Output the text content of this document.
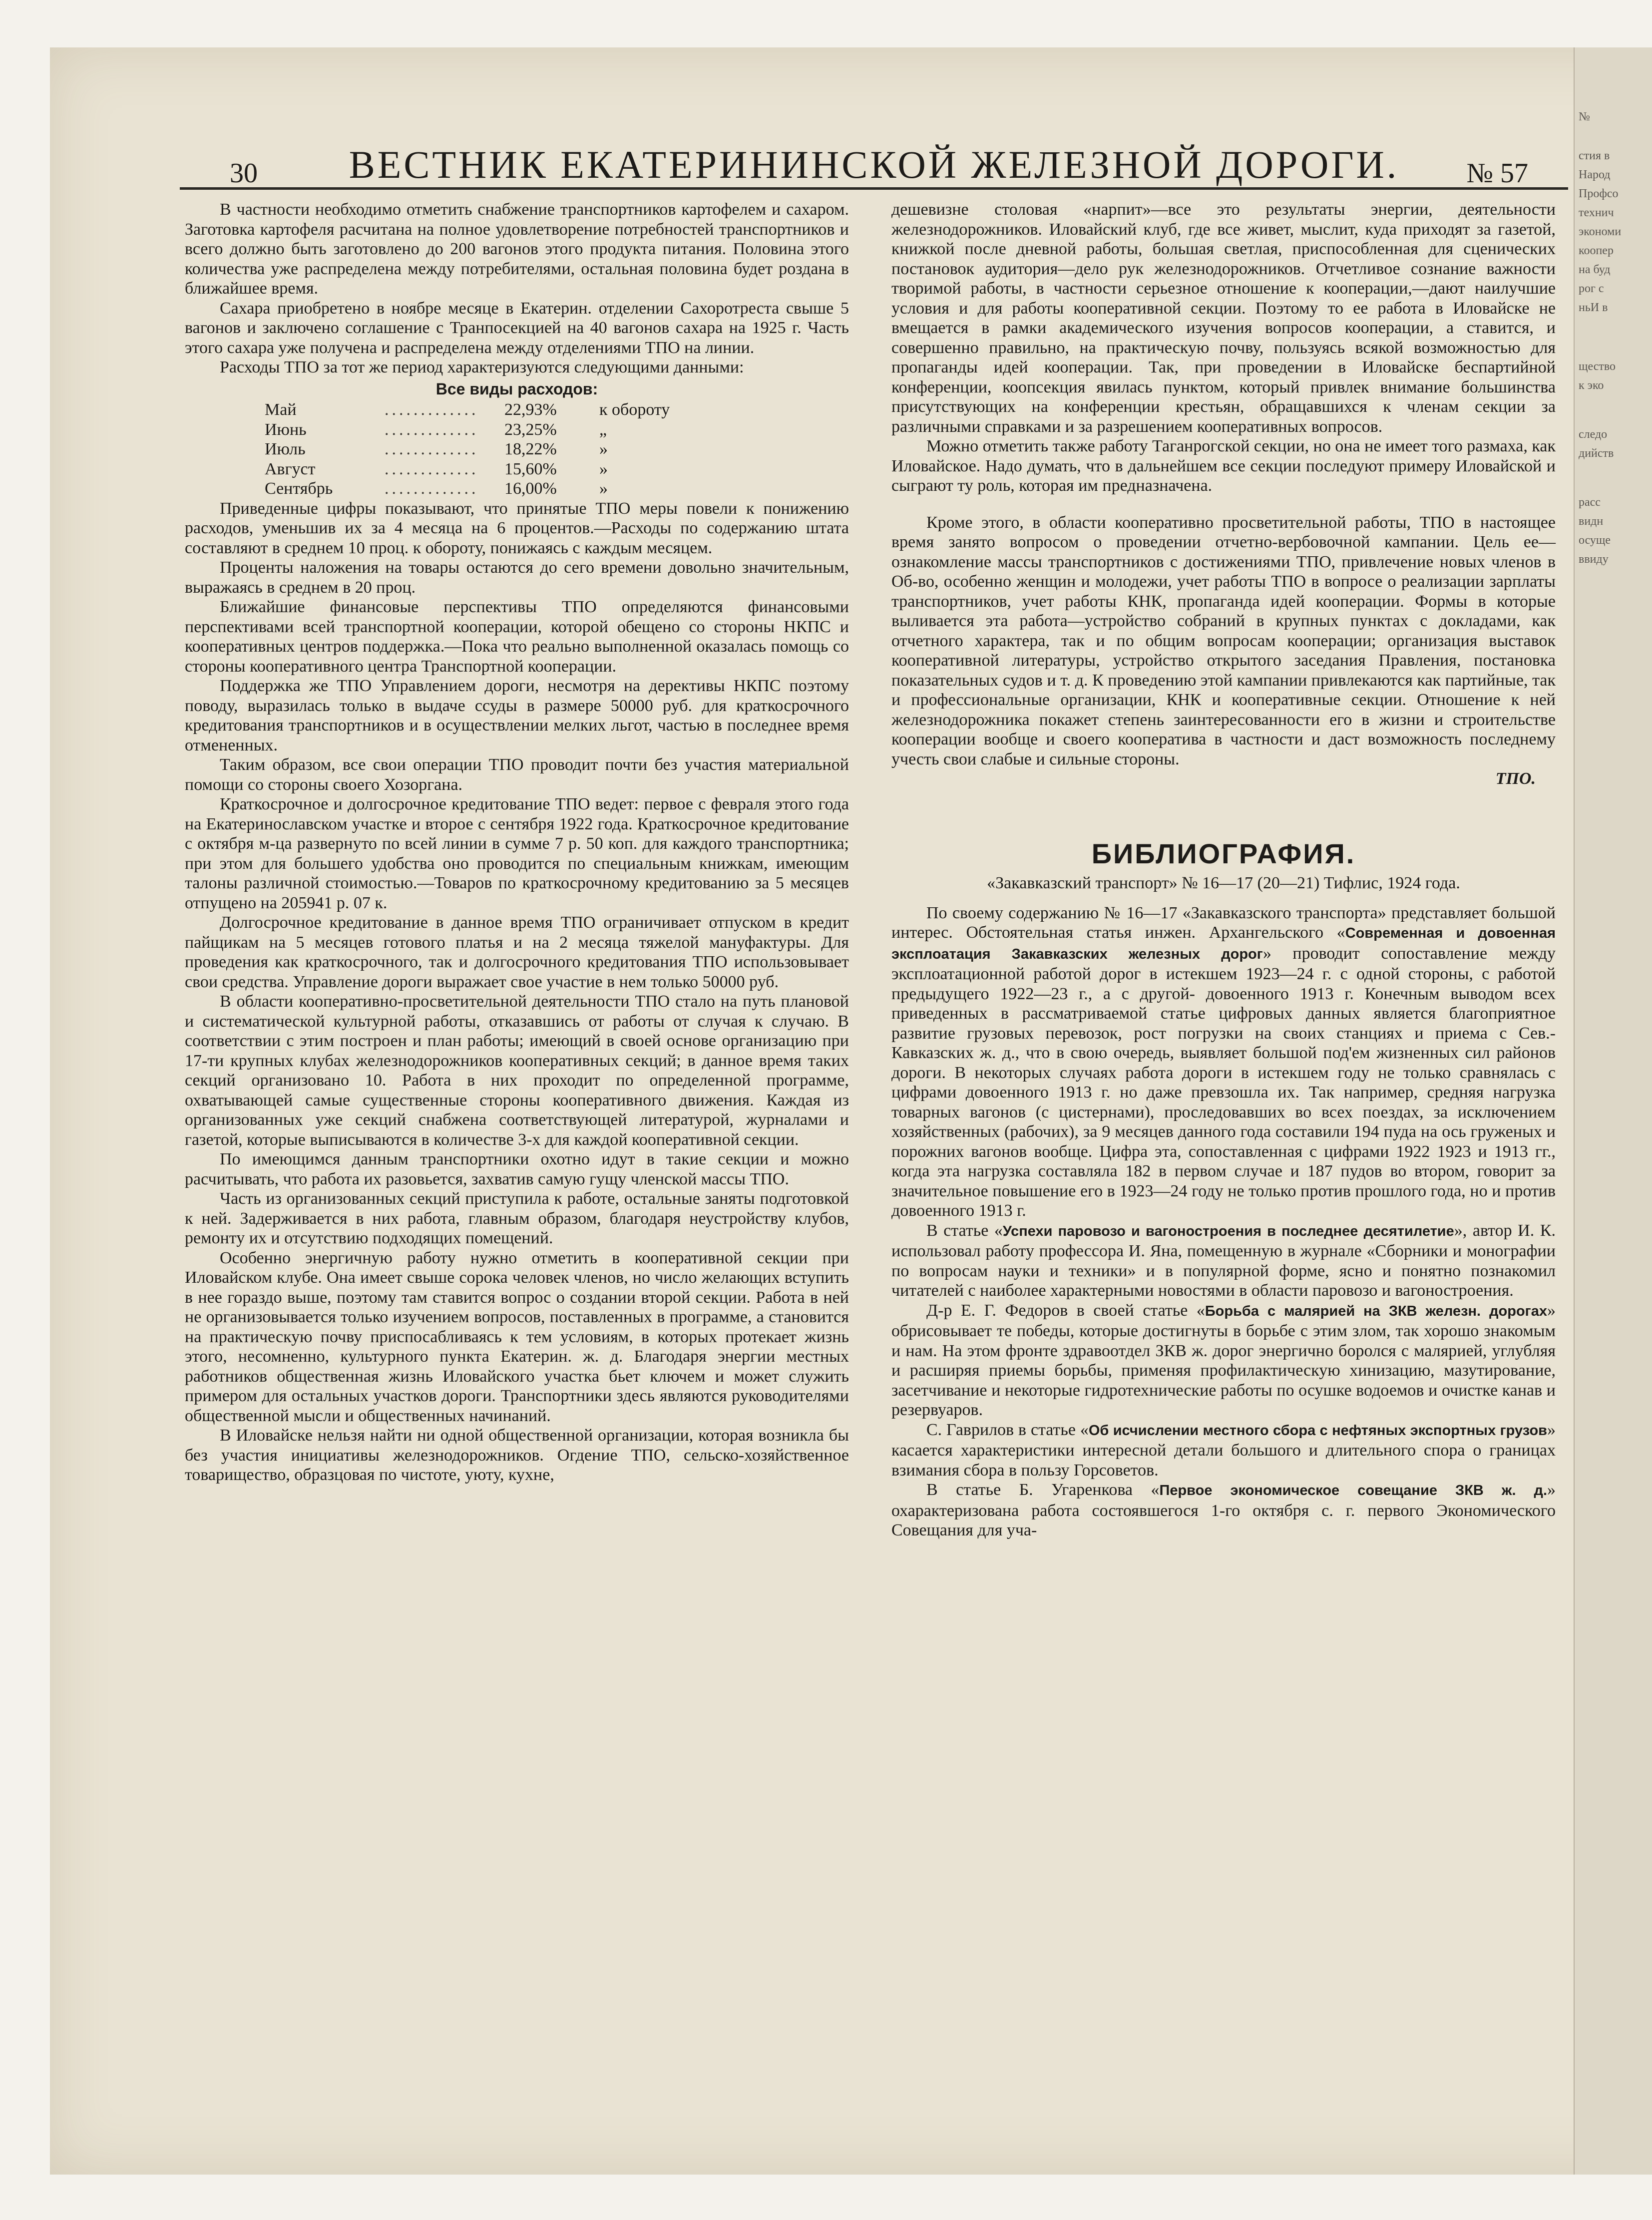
№
стия в
Народ
Профсо
технич
экономи
коопер
на буд
рог с
ньИ в
щество
к эко
следо
дийств
расс
видн
осуще
ввиду
30	ВЕСТНИК ЕКАТЕРИНИНСКОЙ ЖЕЛЕЗНОЙ ДОРОГИ.	№ 57

В частности необходимо отметить снабжение транспортников картофелем и сахаром. Заготовка картофеля расчитана на полное удовлетворение потребностей транспортников и всего должно быть заготовлено до 200 вагонов этого продукта питания. Половина этого количества уже распределена между потребителями, остальная половина будет роздана в ближайшее время.

Сахара приобретено в ноябре месяце в Екатерин. отделении Сахоротреста свыше 5 вагонов и заключено соглашение с Транпосекцией на 40 вагонов сахара на 1925 г. Часть этого сахара уже получена и распределена между отделениями ТПО на линии.

Расходы ТПО за тот же период характеризуются следующими данными:

Все виды расходов:
Май	.............	22,93%	к обороту
Июнь	.............	23,25%	„
Июль	.............	18,22%	»
Август	.............	15,60%	»
Сентябрь	.............	16,00%	»

Приведенные цифры показывают, что принятые ТПО меры повели к понижению расходов, уменьшив их за 4 месяца на 6 процентов.—Расходы по содержанию штата составляют в среднем 10 проц. к обороту, понижаясь с каждым месяцем.

Проценты наложения на товары остаются до сего времени довольно значительным, выражаясь в среднем в 20 проц.

Ближайшие финансовые перспективы ТПО определяются финансовыми перспективами всей транспортной кооперации, которой обещено со стороны НКПС и кооперативных центров поддержка.—Пока что реально выполненной оказалась помощь со стороны кооперативного центра Транспортной кооперации.

Поддержка же ТПО Управлением дороги, несмотря на дерективы НКПС поэтому поводу, выразилась только в выдаче ссуды в размере 50000 руб. для краткосрочного кредитования транспортников и в осуществлении мелких льгот, частью в последнее время отмененных.

Таким образом, все свои операции ТПО проводит почти без участия материальной помощи со стороны своего Хозоргана.

Краткосрочное и долгосрочное кредитование ТПО ведет: первое с февраля этого года на Екатеринославском участке и второе с сентября 1922 года. Краткосрочное кредитование с октября м-ца развернуто по всей линии в сумме 7 р. 50 коп. для каждого транспортника; при этом для большего удобства оно проводится по специальным книжкам, имеющим талоны различной стоимостью.—Товаров по краткосрочному кредитованию за 5 месяцев отпущено на 205941 р. 07 к.

Долгосрочное кредитование в данное время ТПО ограничивает отпуском в кредит пайщикам на 5 месяцев готового платья и на 2 месяца тяжелой мануфактуры. Для проведения как краткосрочного, так и долгосрочного кредитования ТПО использовывает свои средства. Управление дороги выражает свое участие в нем только 50000 руб.

В области кооперативно-просветительной деятельности ТПО стало на путь плановой и систематической культурной работы, отказавшись от работы от случая к случаю. В соответствии с этим построен и план работы; имеющий в своей основе организацию при 17-ти крупных клубах железнодорожников кооперативных секций; в данное время таких секций организовано 10. Работа в них проходит по определенной программе, охватывающей самые существенные стороны кооперативного движения. Каждая из организованных уже секций снабжена соответствующей литературой, журналами и газетой, которые выписываются в количестве 3-х для каждой кооперативной секции.

По имеющимся данным транспортники охотно идут в такие секции и можно расчитывать, что работа их разовьется, захватив самую гущу членской массы ТПО.

Часть из организованных секций приступила к работе, остальные заняты подготовкой к ней. Задерживается в них работа, главным образом, благодаря неустройству клубов, ремонту их и отсутствию подходящих помещений.

Особенно энергичную работу нужно отметить в кооперативной секции при Иловайском клубе. Она имеет свыше сорока человек членов, но число желающих вступить в нее гораздо выше, поэтому там ставится вопрос о создании второй секции. Работа в ней не организовывается только изучением вопросов, поставленных в программе, а становится на практическую почву приспосабливаясь к тем условиям, в которых протекает жизнь этого, несомненно, культурного пункта Екатерин. ж. д. Благодаря энергии местных работников общественная жизнь Иловайского участка бьет ключем и может служить примером для остальных участков дороги. Транспортники здесь являются руководителями общественной мысли и общественных начинаний.

В Иловайске нельзя найти ни одной общественной организации, которая возникла бы без участия инициативы железнодорожников. Огдение ТПО, сельско-хозяйственное товарищество, образцовая по чистоте, уюту, кухне,

дешевизне столовая «нарпит»—все это результаты энергии, деятельности железнодорожников. Иловайский клуб, где все живет, мыслит, куда приходят за газетой, книжкой после дневной работы, большая светлая, приспособленная для сценических постановок аудитория—дело рук железнодорожников. Отчетливое сознание важности творимой работы, в частности серьезное отношение к кооперации,—дают наилучшие условия и для работы кооперативной секции. Поэтому то ее работа в Иловайске не вмещается в рамки академического изучения вопросов кооперации, а ставится, и совершенно правильно, на практическую почву, пользуясь всякой возможностью для пропаганды идей кооперации. Так, при проведении в Иловайске беспартийной конференции, коопсекция явилась пунктом, который привлек внимание большинства присутствующих на конференции крестьян, обращавшихся к членам секции за различными справками и за разрешением кооперативных вопросов.

Можно отметить также работу Таганрогской секции, но она не имеет того размаха, как Иловайское. Надо думать, что в дальнейшем все секции последуют примеру Иловайской и сыграют ту роль, которая им предназначена.

Кроме этого, в области кооперативно просветительной работы, ТПО в настоящее время занято вопросом о проведении отчетно-вербовочной кампании. Цель ее—ознакомление массы транспортников с достижениями ТПО, привлечение новых членов в Об-во, особенно женщин и молодежи, учет работы ТПО в вопросе о реализации зарплаты транспортников, учет работы КНК, пропаганда идей кооперации. Формы в которые выливается эта работа—устройство собраний в крупных пунктах с докладами, как отчетного характера, так и по общим вопросам кооперации; организация выставок кооперативной литературы, устройство открытого заседания Правления, постановка показательных судов и т. д. К проведению этой кампании привлекаются как партийные, так и профессиональные организации, КНК и кооперативные секции. Отношение к ней железнодорожника покажет степень заинтересованности его в жизни и строительстве кооперации вообще и своего кооператива в частности и даст возможность последнему учесть свои слабые и сильные стороны.

ТПО.

БИБЛИОГРАФИЯ.
«Закавказский транспорт» № 16—17 (20—21) Тифлис, 1924 года.

По своему содержанию № 16—17 «Закавказского транспорта» представляет большой интерес. Обстоятельная статья инжен. Архангельского «Современная и довоенная эксплоатация Закавказских железных дорог» проводит сопоставление между эксплоатационной работой дорог в истекшем 1923—24 г. с одной стороны, с работой предыдущего 1922—23 г., а с другой- довоенного 1913 г. Конечным выводом всех приведенных в рассматриваемой статье цифровых данных является благоприятное развитие грузовых перевозок, рост погрузки на своих станциях и приема с Сев.-Кавказских ж. д., что в свою очередь, выявляет большой под'ем жизненных сил районов дороги. В некоторых случаях работа дороги в истекшем году не только сравнялась с цифрами довоенного 1913 г. но даже превзошла их. Так например, средняя нагрузка товарных вагонов (с цистернами), проследовавших во всех поездах, за исключением хозяйственных (рабочих), за 9 месяцев данного года составили 194 пуда на ось груженых и порожних вагонов вообще. Цифра эта, сопоставленная с цифрами 1922 1923 и 1913 гг., когда эта нагрузка составляла 182 в первом случае и 187 пудов во втором, говорит за значительное повышение его в 1923—24 году не только против прошлого года, но и против довоенного 1913 г.

В статье «Успехи паровозо и вагоностроения в последнее десятилетие», автор И. К. использовал работу профессора И. Яна, помещенную в журнале «Сборники и монографии по вопросам науки и техники» и в популярной форме, ясно и понятно познакомил читателей с наиболее характерными новостями в области паровозо и вагоностроения.

Д-р Е. Г. Федоров в своей статье «Борьба с малярией на ЗКВ железн. дорогах» обрисовывает те победы, которые достигнуты в борьбе с этим злом, так хорошо знакомым и нам. На этом фронте здравоотдел ЗКВ ж. дорог энергично боролся с малярией, углубляя и расширяя приемы борьбы, применяя профилактическую хинизацию, мазутирование, засетчивание и некоторые гидротехнические работы по осушке водоемов и очистке канав и резервуаров.

С. Гаврилов в статье «Об исчислении местного сбора с нефтяных экспортных грузов» касается характеристики интересной детали большого и длительного спора о границах взимания сбора в пользу Горсоветов.

В статье Б. Угаренкова «Первое экономическое совещание ЗКВ ж. д.» охарактеризована работа состоявшегося 1-го октября с. г. первого Экономического Совещания для уча-
